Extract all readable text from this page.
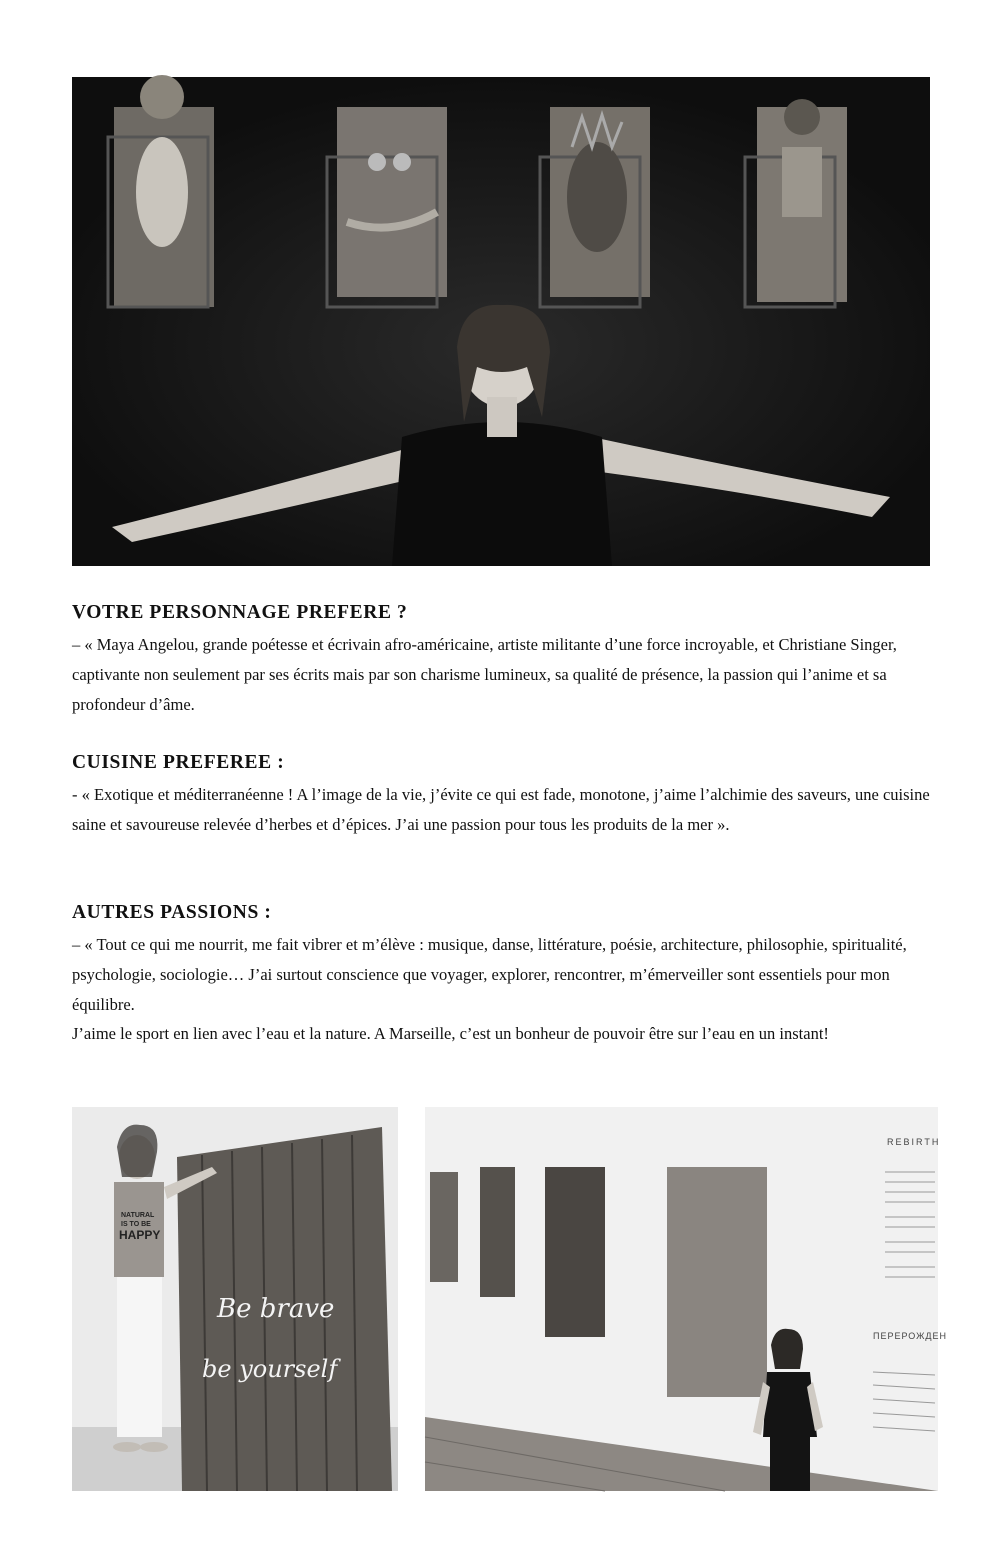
VOTRE PERSONNAGE PREFERE ?

– « Maya Angelou, grande poétesse et écrivain afro-américaine, artiste militante d’une force incroyable, et Christiane Singer, captivante non seulement par ses écrits mais par son charisme lumineux, sa qualité de présence, la passion qui l’anime et sa profondeur d’âme.

CUISINE PREFEREE :

- « Exotique et méditerranéenne ! A l’image de la vie, j’évite ce qui est fade, monotone, j’aime l’alchimie des saveurs, une cuisine saine et savoureuse relevée d’herbes et d’épices. J’ai une passion pour tous les produits de la mer ».

AUTRES PASSIONS :

– « Tout ce qui me nourrit, me fait vibrer et m’élève : musique, danse, littérature, poésie, architecture, philosophie, spiritualité, psychologie, sociologie… J’ai surtout conscience que voyager, explorer, rencontrer, m’émerveiller sont essentiels pour mon équilibre.

J’aime le sport en lien avec l’eau et la nature. A Marseille, c’est un bonheur de pouvoir être sur l’eau en un instant!

Be brave
be yourself
NATURAL
IS TO BE
HAPPY
REBIRTH
ПЕРЕРОЖДЕН
